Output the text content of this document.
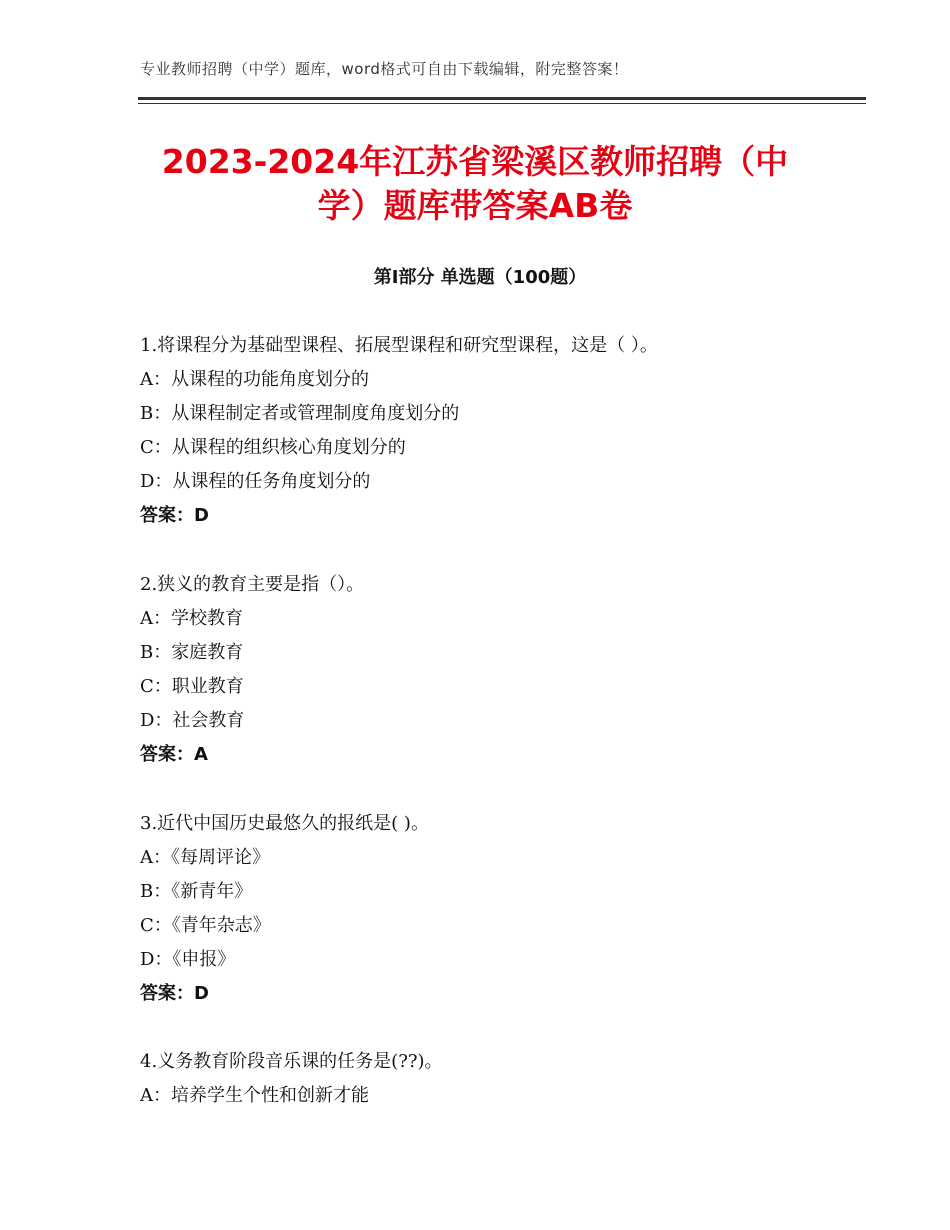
专业教师招聘（中学）题库，word格式可自由下载编辑，附完整答案！
2023-2024年江苏省梁溪区教师招聘（中
学）题库带答案AB卷
第Ⅰ部分 单选题（100题）
1.将课程分为基础型课程、拓展型课程和研究型课程，这是（ ）。
A：从课程的功能角度划分的
B：从课程制定者或管理制度角度划分的
C：从课程的组织核心角度划分的
D：从课程的任务角度划分的
答案：D
2.狭义的教育主要是指（）。
A：学校教育
B：家庭教育
C：职业教育
D：社会教育
答案：A
3.近代中国历史最悠久的报纸是( )。
A：《每周评论》
B：《新青年》
C：《青年杂志》
D：《申报》
答案：D
4.义务教育阶段音乐课的任务是(??)。
A：培养学生个性和创新才能
